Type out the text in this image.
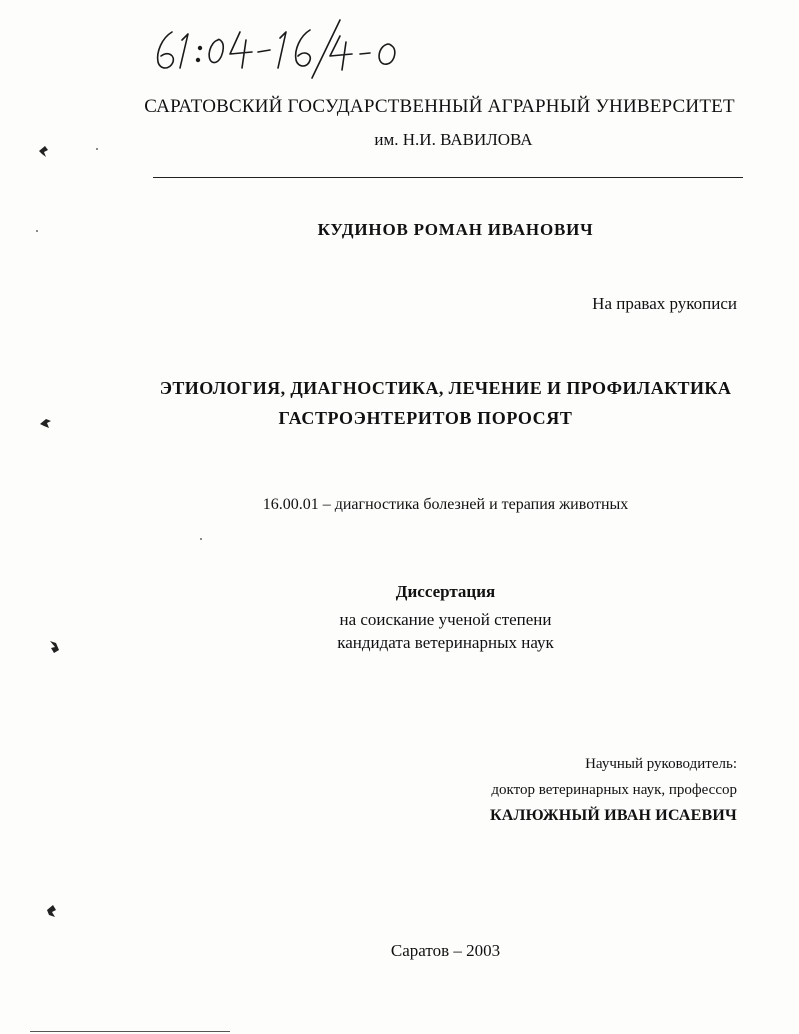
САРАТОВСКИЙ ГОСУДАРСТВЕННЫЙ АГРАРНЫЙ УНИВЕРСИТЕТ
им. Н.И. ВАВИЛОВА
КУДИНОВ РОМАН ИВАНОВИЧ
На правах рукописи
ЭТИОЛОГИЯ, ДИАГНОСТИКА, ЛЕЧЕНИЕ И ПРОФИЛАКТИКА
ГАСТРОЭНТЕРИТОВ ПОРОСЯТ
16.00.01 – диагностика болезней и терапия животных
Диссертация
на соискание ученой степени
кандидата ветеринарных наук
Научный руководитель:
доктор ветеринарных наук, профессор
КАЛЮЖНЫЙ ИВАН ИСАЕВИЧ
Саратов – 2003
